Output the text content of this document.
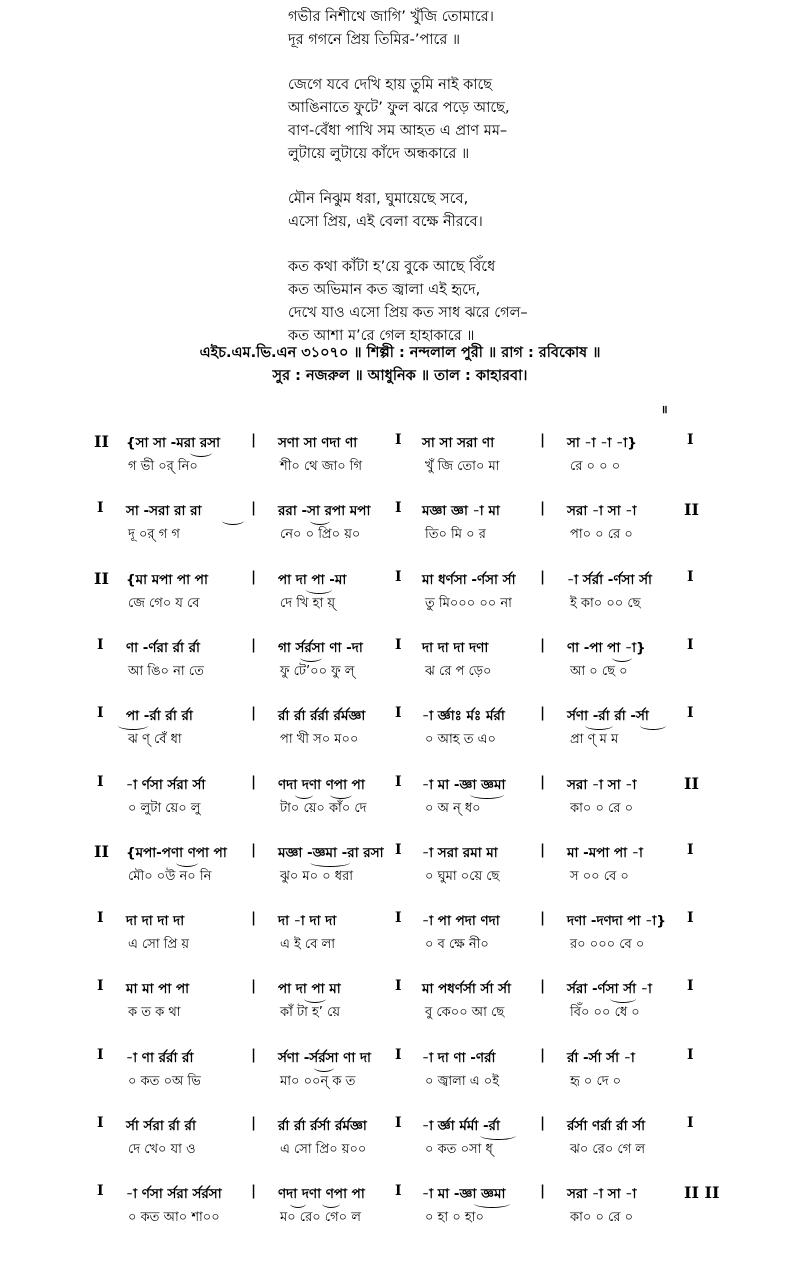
গভীর নিশীথে জাগি’ খুঁজি তোমারে।
দূর গগনে প্রিয় তিমির-’পারে ॥
জেগে যবে দেখি হায় তুমি নাই কাছে
আঙিনাতে ফুটে’ ফুল ঝরে পড়ে আছে,
বাণ-বেঁধা পাখি সম আহত এ প্রাণ মম–
লুটায়ে লুটায়ে কাঁদে অন্ধকারে ॥
মৌন নিঝুম ধরা, ঘুমায়েছে সবে,
এসো প্রিয়, এই বেলা বক্ষে নীরবে।
কত কথা কাঁটা হ’য়ে বুকে আছে বিঁধে
কত অভিমান কত জ্বালা এই হৃদে,
দেখে যাও এসো প্রিয় কত সাধ ঝরে গেল–
কত আশা ম’রে গেল হাহাকারে ॥
এইচ.এম.ভি.এন ৩১০৭০ ॥ শিল্পী : নন্দলাল পুরী ॥ রাগ : রবিকোষ ॥
সুর : নজরুল ॥ আধুনিক ॥ তাল : কাহারবা।
॥
II	|	I	|	I
{সা সা -মরা রসা	সণা সা ণদা ণা	সা সা সরা ণা	সা -া -া -া}
গ ভী ০র্ নি০	শী০ থে জা০ গি	খুঁ জি তো০ মা	রে ০ ০ ০
I	|	I	|	II
সা -সরা রা রা	ররা -সা রপা মপা	মজ্ঞা জ্ঞা -া মা	সরা -া সা -া
দূ ০র্ গ গ	নে০ ০ প্রি০ য়০	তি০ মি ০ র	পা০ ০ রে ০
II	|	I	|	I
{মা মপা পা পা	পা দা পা -মা	মা ধর্ণসা -র্ণসা র্সা	-া র্সর্রা -র্ণসা র্সা
জে গে০ য বে	দে খি হা য়্	তু মি০০০ ০০ না	ই কা০ ০০ ছে
I	|	I	|	I
ণা -র্ণরা র্রা র্রা	গা র্সর্রসা ণা -দা	দা দা দা দণা	ণা -পা পা -া}
আ ঙি০ না তে	ফু টে’০০ ফু ল্	ঝ রে প ড়ে০	আ ০ ছে ০
I	|	I	|	I
পা -র্রা র্রা র্রা	র্রা র্রা র্রর্রা র্রর্মজ্ঞা	-া র্জ্ঞাঃ র্মঃ র্মর্রা	র্সণা -র্রা র্রা -র্সা
ঝ ণ্ বেঁ ধা	পা খী স০ ম০০	০ আহ ত এ০	প্রা ণ্ ম ম
I	|	I	|	II
-া র্ণসা র্সরা র্সা	ণদা দণা ণপা পা	-া মা -জ্ঞা জ্ঞমা	সরা -া সা -া
০ লুটা য়ে০ লু	টা০ য়ে০ কাঁ০ দে	০ অ ন্ ধ০	কা০ ০ রে ০
II	|	I	|	I
{মপা-পণা ণপা পা	মজ্ঞা -জ্ঞমা -রা রসা	-া সরা রমা মা	মা -মপা পা -া
মৌ০ ০উ ন০ নি	ঝু০ ম০ ০ ধরা	০ ঘুমা ০য়ে ছে	স ০০ বে ০
I	|	I	|	I
দা দা দা দা	দা -া দা দা	-া পা পদা ণদা	দণা -দণদা পা -া}
এ সো প্রি য়	এ ই বে লা	০ ব ক্ষে নী০	র০ ০০০ বে ০
I	|	I	|	I
মা মা পা পা	পা দা পা মা	মা পধর্ণর্সা র্সা র্সা	র্সরা -র্ণসা র্সা -া
ক ত ক থা	কাঁ টা হ’ য়ে	বু কে০০ আ ছে	বিঁ০ ০০ ধে ০
I	|	I	|	I
-া ণা র্রর্রা র্রা	র্সণা -র্সর্রসা ণা দা	-া দা ণা -ণর্রা	র্রা -র্সা র্সা -া
০ কত ০অ ভি	মা০ ০০ন্ ক ত	০ জ্বালা এ ০ই	হৃ ০ দে ০
I	|	I	|	I
র্সা র্সরা র্রা র্রা	র্রা র্রা র্রর্সা র্রর্মজ্ঞা	-া র্জ্ঞা র্মর্মা -র্রা	র্রর্সা ণর্রা র্রা র্সা
দে খে০ যা ও	এ সো প্রি০ য়০০	০ কত ০সা ধ্	ঝ০ রে০ গে ল
I	|	I	|	II II
-া র্ণসা র্সরা র্সর্রসা	ণদা দণা ণপা পা	-া মা -জ্ঞা জ্ঞমা	সরা -া সা -া
০ কত আ০ শা০০	ম০ রে০ গে০ ল	০ হা ০ হা০	কা০ ০ রে ০
